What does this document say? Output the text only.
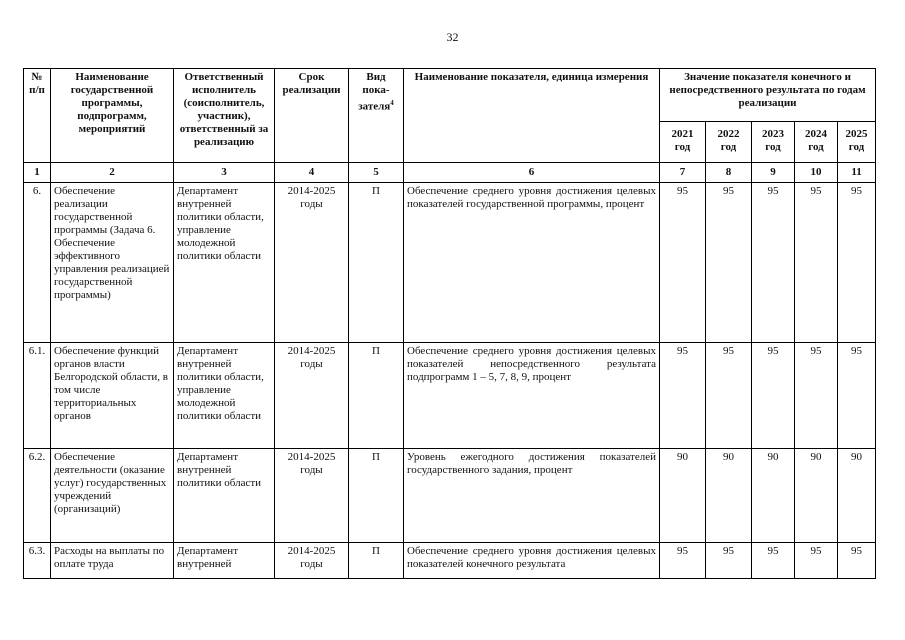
32
№
п/п	Наименование государственной программы, подпрограмм, мероприятий	Ответственный исполнитель (соисполнитель, участник), ответственный за реализацию	Срок реализации	Вид пока-зателя$^4$	Наименование показателя, единица измерения	Значение показателя конечного и непосредственного результата по годам реализации				
						2021 год	2022 год	2023 год	2024 год	2025 год
1	2	3	4	5	6	7	8	9	10	11
6.	Обеспечение реализации государственной программы (Задача 6. Обеспечение эффективного управления реализацией государственной программы)	Департамент внутренней политики области, управление молодежной политики области	2014-2025 годы	П	Обеспечение среднего уровня достижения целевых показателей государственной программы, процент	95	95	95	95	95
6.1.	Обеспечение функций органов власти Белгородской области, в том числе территориальных органов	Департамент внутренней политики области, управление молодежной политики области	2014-2025 годы	П	Обеспечение среднего уровня достижения целевых показателей непосредственного результата подпрограмм 1 – 5, 7, 8, 9, процент	95	95	95	95	95
6.2.	Обеспечение деятельности (оказание услуг) государственных учреждений (организаций)	Департамент внутренней политики области	2014-2025 годы	П	Уровень ежегодного достижения показателей государственного задания, процент	90	90	90	90	90
6.3.	Расходы на выплаты по оплате труда	Департамент внутренней	2014-2025 годы	П	Обеспечение среднего уровня достижения целевых показателей конечного результата	95	95	95	95	95
